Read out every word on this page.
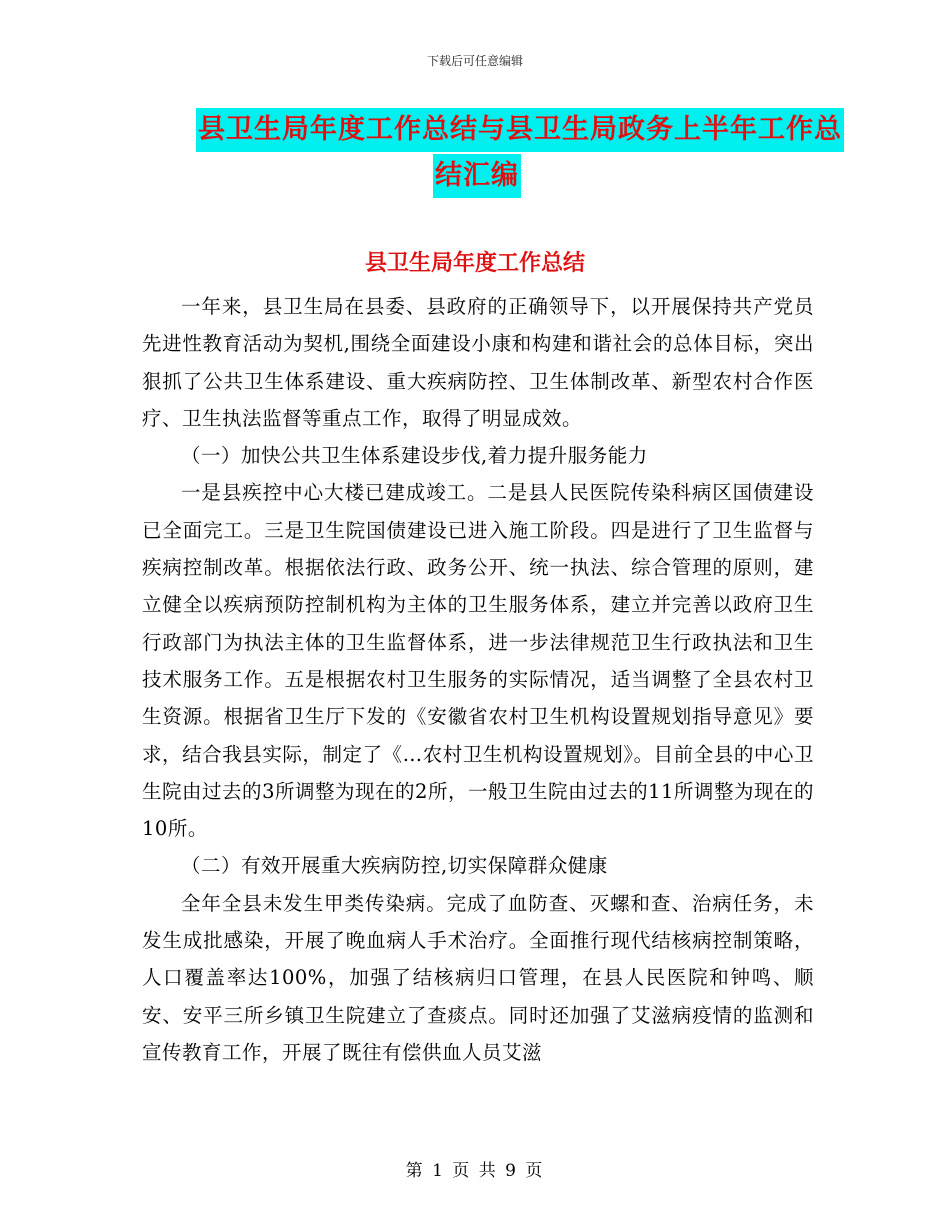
下载后可任意编辑
县卫生局年度工作总结与县卫生局政务上半年工作总
结汇编
县卫生局年度工作总结

一年来，县卫生局在县委、县政府的正确领导下，以开展保持共产党员先进性教育活动为契机,围绕全面建设小康和构建和谐社会的总体目标，突出狠抓了公共卫生体系建设、重大疾病防控、卫生体制改革、新型农村合作医疗、卫生执法监督等重点工作，取得了明显成效。

（一）加快公共卫生体系建设步伐,着力提升服务能力

一是县疾控中心大楼已建成竣工。二是县人民医院传染科病区国债建设已全面完工。三是卫生院国债建设已进入施工阶段。四是进行了卫生监督与疾病控制改革。根据依法行政、政务公开、统一执法、综合管理的原则，建立健全以疾病预防控制机构为主体的卫生服务体系，建立并完善以政府卫生行政部门为执法主体的卫生监督体系，进一步法律规范卫生行政执法和卫生技术服务工作。五是根据农村卫生服务的实际情况，适当调整了全县农村卫生资源。根据省卫生厅下发的《安徽省农村卫生机构设置规划指导意见》要求，结合我县实际，制定了《…农村卫生机构设置规划》。目前全县的中心卫生院由过去的3所调整为现在的2所，一般卫生院由过去的11所调整为现在的10所。

（二）有效开展重大疾病防控,切实保障群众健康

全年全县未发生甲类传染病。完成了血防查、灭螺和查、治病任务，未发生成批感染，开展了晚血病人手术治疗。全面推行现代结核病控制策略，人口覆盖率达100%，加强了结核病归口管理，在县人民医院和钟鸣、顺安、安平三所乡镇卫生院建立了查痰点。同时还加强了艾滋病疫情的监测和宣传教育工作，开展了既往有偿供血人员艾滋

第 1 页 共 9 页
